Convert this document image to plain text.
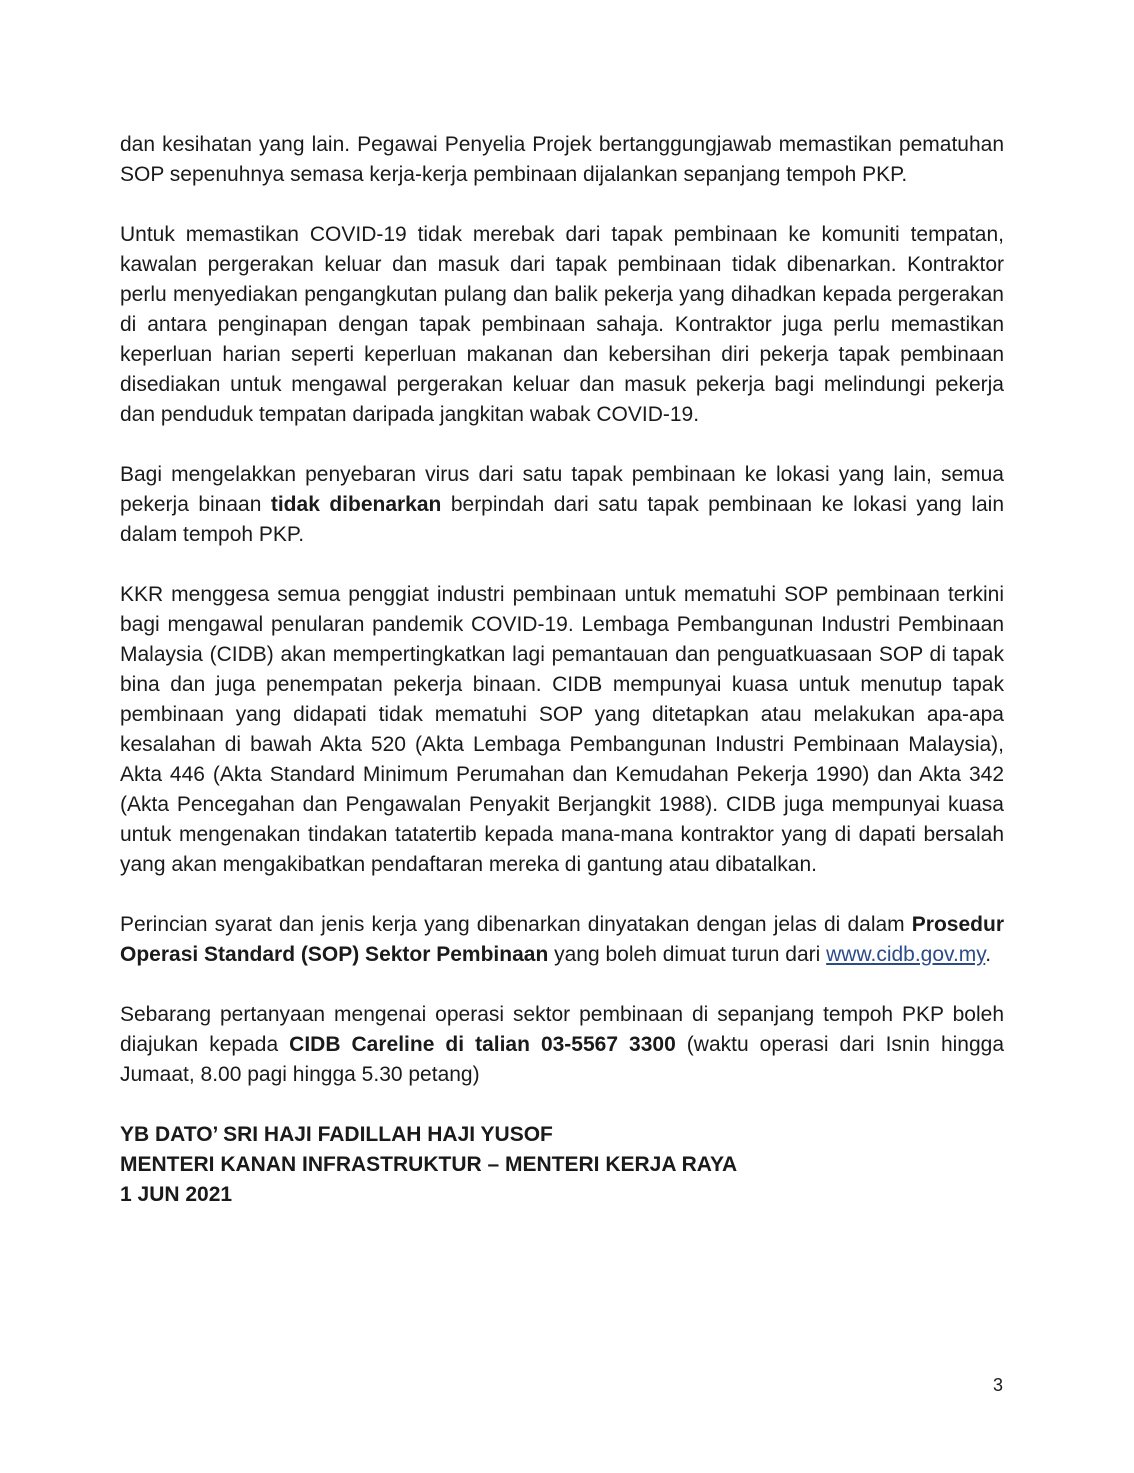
dan kesihatan yang lain. Pegawai Penyelia Projek bertanggungjawab memastikan pematuhan SOP sepenuhnya semasa kerja-kerja pembinaan dijalankan sepanjang tempoh PKP.

Untuk memastikan COVID-19 tidak merebak dari tapak pembinaan ke komuniti tempatan, kawalan pergerakan keluar dan masuk dari tapak pembinaan tidak dibenarkan. Kontraktor perlu menyediakan pengangkutan pulang dan balik pekerja yang dihadkan kepada pergerakan di antara penginapan dengan tapak pembinaan sahaja. Kontraktor juga perlu memastikan keperluan harian seperti keperluan makanan dan kebersihan diri pekerja tapak pembinaan disediakan untuk mengawal pergerakan keluar dan masuk pekerja bagi melindungi pekerja dan penduduk tempatan daripada jangkitan wabak COVID-19.

Bagi mengelakkan penyebaran virus dari satu tapak pembinaan ke lokasi yang lain, semua pekerja binaan tidak dibenarkan berpindah dari satu tapak pembinaan ke lokasi yang lain dalam tempoh PKP.

KKR menggesa semua penggiat industri pembinaan untuk mematuhi SOP pembinaan terkini bagi mengawal penularan pandemik COVID-19. Lembaga Pembangunan Industri Pembinaan Malaysia (CIDB) akan mempertingkatkan lagi pemantauan dan penguatkuasaan SOP di tapak bina dan juga penempatan pekerja binaan. CIDB mempunyai kuasa untuk menutup tapak pembinaan yang didapati tidak mematuhi SOP yang ditetapkan atau melakukan apa-apa kesalahan di bawah Akta 520 (Akta Lembaga Pembangunan Industri Pembinaan Malaysia), Akta 446 (Akta Standard Minimum Perumahan dan Kemudahan Pekerja 1990) dan Akta 342 (Akta Pencegahan dan Pengawalan Penyakit Berjangkit 1988). CIDB juga mempunyai kuasa untuk mengenakan tindakan tatatertib kepada mana-mana kontraktor yang di dapati bersalah yang akan mengakibatkan pendaftaran mereka di gantung atau dibatalkan.

Perincian syarat dan jenis kerja yang dibenarkan dinyatakan dengan jelas di dalam Prosedur Operasi Standard (SOP) Sektor Pembinaan yang boleh dimuat turun dari www.cidb.gov.my.

Sebarang pertanyaan mengenai operasi sektor pembinaan di sepanjang tempoh PKP boleh diajukan kepada CIDB Careline di talian 03-5567 3300 (waktu operasi dari Isnin hingga Jumaat, 8.00 pagi hingga 5.30 petang)

YB DATO’ SRI HAJI FADILLAH HAJI YUSOF
MENTERI KANAN INFRASTRUKTUR – MENTERI KERJA RAYA
1 JUN 2021
3
